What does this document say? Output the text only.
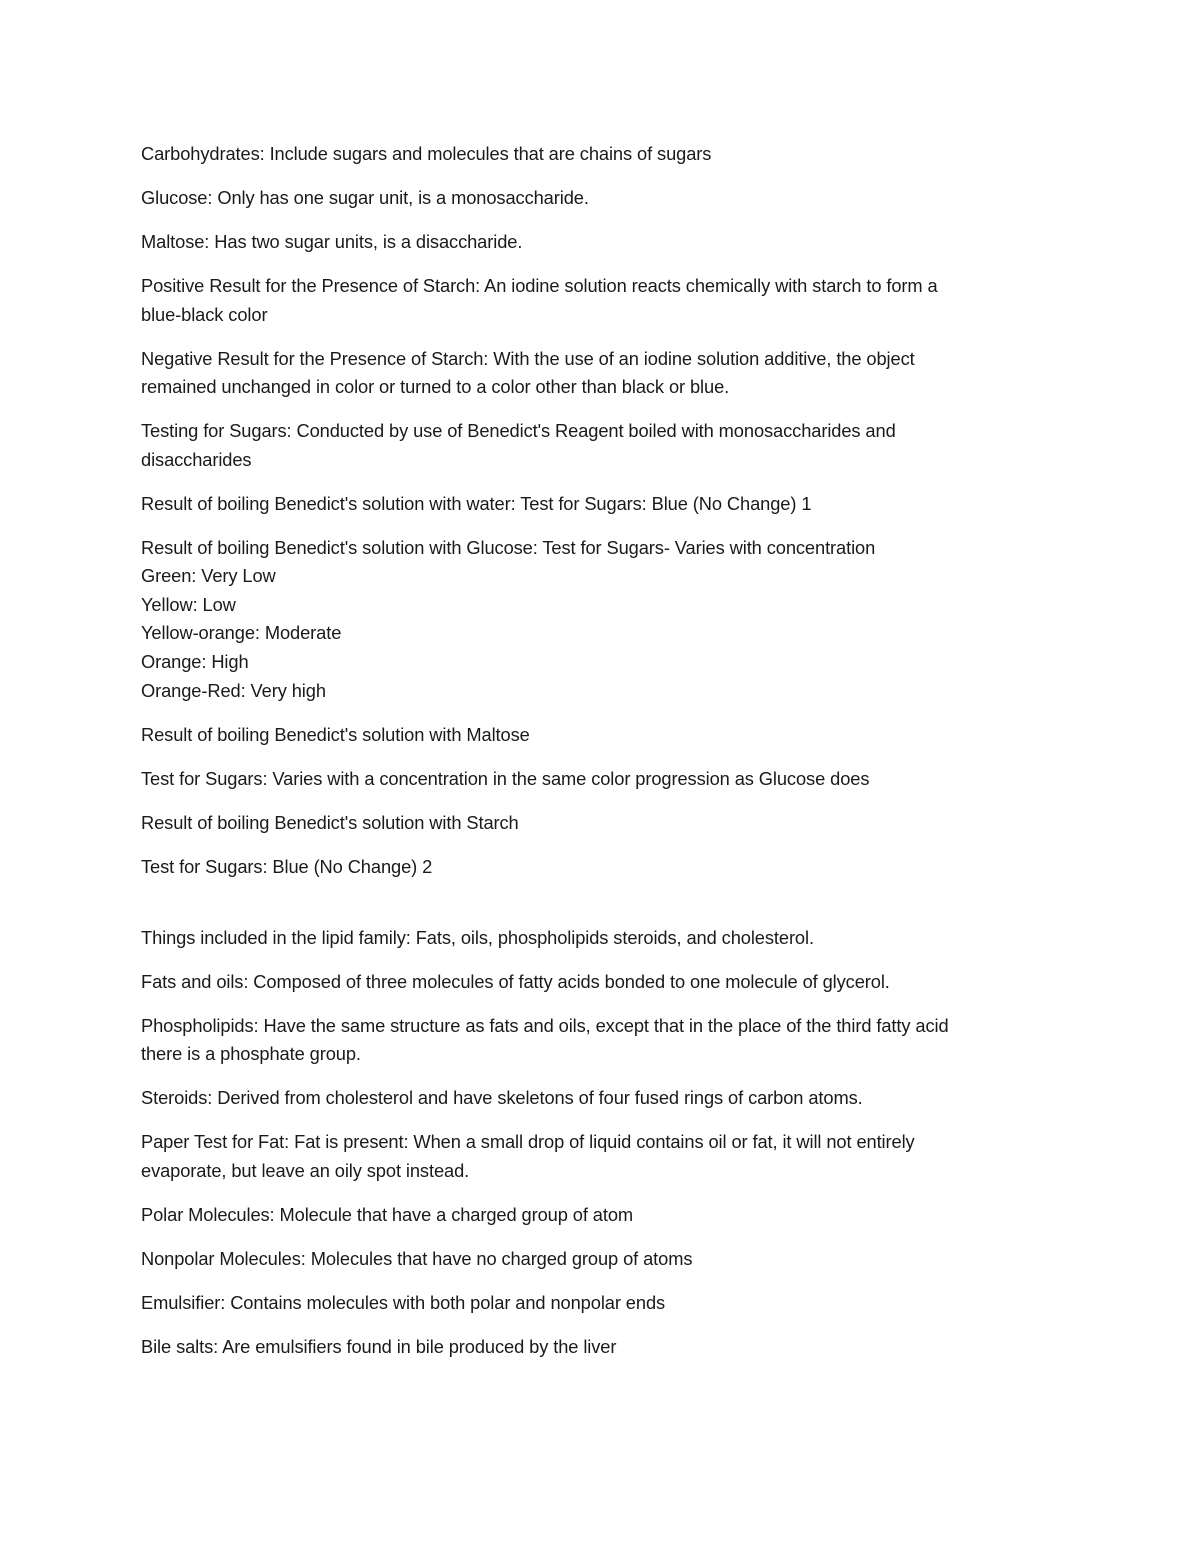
Carbohydrates: Include sugars and molecules that are chains of sugars

Glucose: Only has one sugar unit, is a monosaccharide.

Maltose: Has two sugar units, is a disaccharide.

Positive Result for the Presence of Starch: An iodine solution reacts chemically with starch to form a
blue-black color

Negative Result for the Presence of Starch: With the use of an iodine solution additive, the object
remained unchanged in color or turned to a color other than black or blue.

Testing for Sugars: Conducted by use of Benedict's Reagent boiled with monosaccharides and
disaccharides

Result of boiling Benedict's solution with water: Test for Sugars: Blue (No Change) 1

Result of boiling Benedict's solution with Glucose: Test for Sugars- Varies with concentration
Green: Very Low
Yellow: Low
Yellow-orange: Moderate
Orange: High
Orange-Red: Very high

Result of boiling Benedict's solution with Maltose

Test for Sugars: Varies with a concentration in the same color progression as Glucose does

Result of boiling Benedict's solution with Starch

Test for Sugars: Blue (No Change) 2

Things included in the lipid family: Fats, oils, phospholipids steroids, and cholesterol.

Fats and oils: Composed of three molecules of fatty acids bonded to one molecule of glycerol.

Phospholipids: Have the same structure as fats and oils, except that in the place of the third fatty acid
there is a phosphate group.

Steroids: Derived from cholesterol and have skeletons of four fused rings of carbon atoms.

Paper Test for Fat: Fat is present: When a small drop of liquid contains oil or fat, it will not entirely
evaporate, but leave an oily spot instead.

Polar Molecules: Molecule that have a charged group of atom

Nonpolar Molecules: Molecules that have no charged group of atoms

Emulsifier: Contains molecules with both polar and nonpolar ends

Bile salts: Are emulsifiers found in bile produced by the liver
